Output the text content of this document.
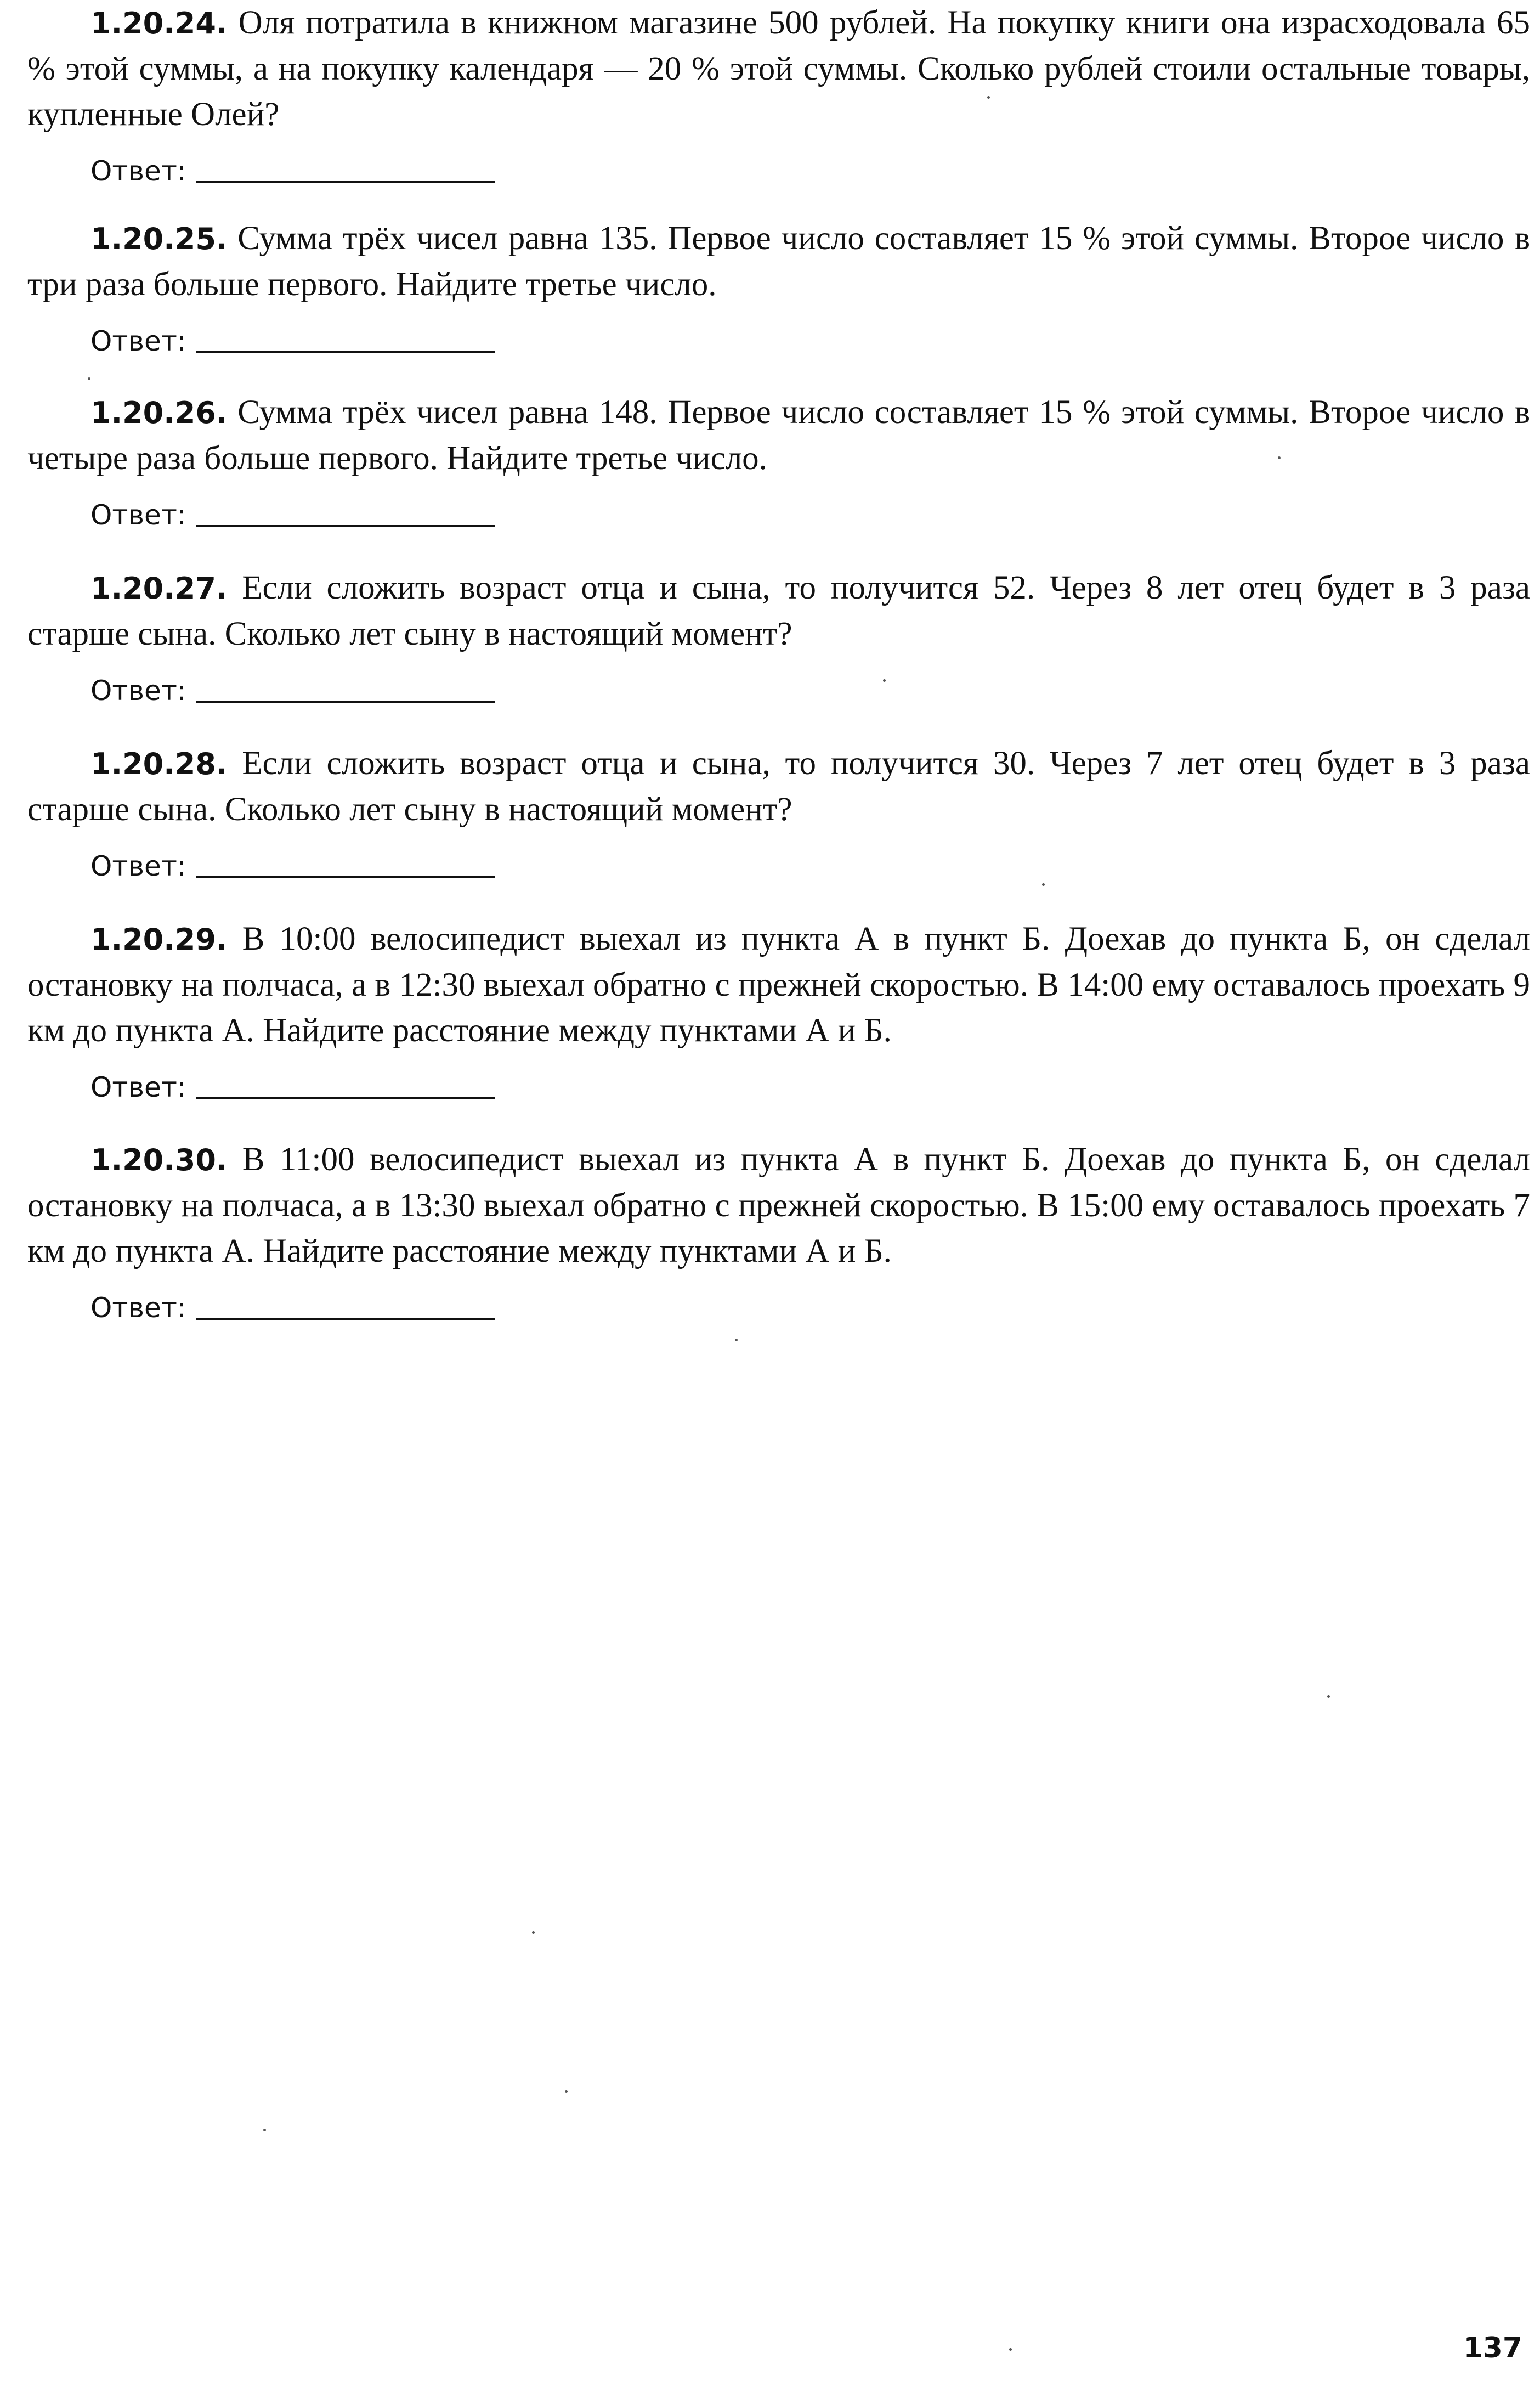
1.20.24. Оля потратила в книжном магазине 500 рублей. На покупку книги она израсходовала 65 % этой суммы, а на покупку календаря — 20 % этой суммы. Сколько рублей стоили остальные товары, купленные Олей?

Ответ:

1.20.25. Сумма трёх чисел равна 135. Первое число составляет 15 % этой суммы. Второе число в три раза больше первого. Найдите третье число.

Ответ:

1.20.26. Сумма трёх чисел равна 148. Первое число составляет 15 % этой суммы. Второе число в четыре раза больше первого. Найдите третье число.

Ответ:

1.20.27. Если сложить возраст отца и сына, то получится 52. Через 8 лет отец будет в 3 раза старше сына. Сколько лет сыну в настоящий момент?

Ответ:

1.20.28. Если сложить возраст отца и сына, то получится 30. Через 7 лет отец будет в 3 раза старше сына. Сколько лет сыну в настоящий момент?

Ответ:

1.20.29. В 10:00 велосипедист выехал из пункта А в пункт Б. Доехав до пункта Б, он сделал остановку на полчаса, а в 12:30 выехал обратно с прежней скоростью. В 14:00 ему оставалось проехать 9 км до пункта А. Найдите расстояние между пунктами А и Б.

Ответ:

1.20.30. В 11:00 велосипедист выехал из пункта А в пункт Б. Доехав до пункта Б, он сделал остановку на полчаса, а в 13:30 выехал обратно с прежней скоростью. В 15:00 ему оставалось проехать 7 км до пункта А. Найдите расстояние между пунктами А и Б.

Ответ:
137
